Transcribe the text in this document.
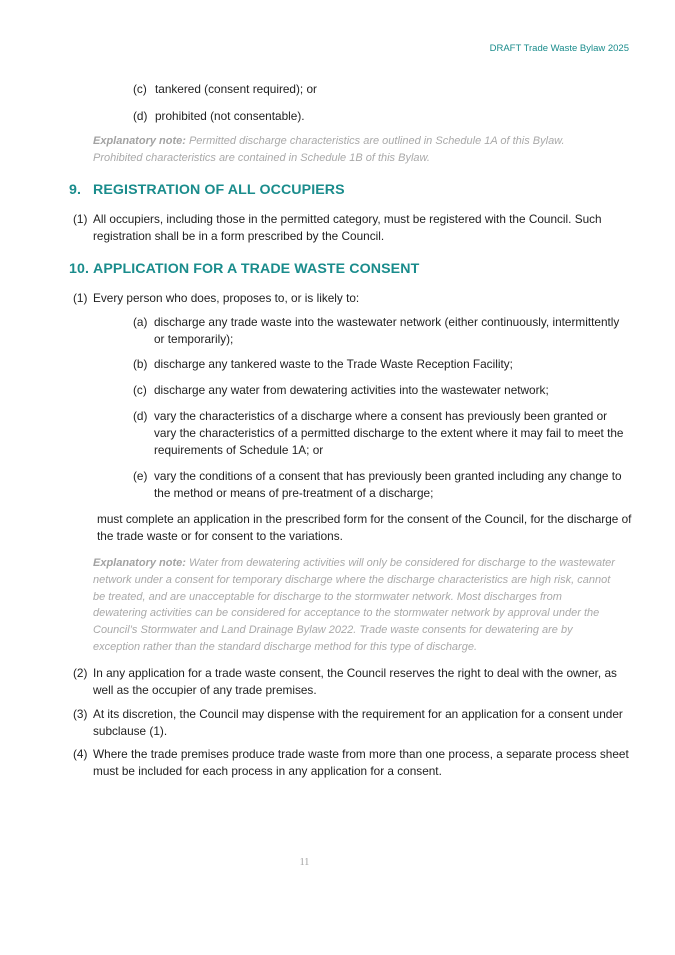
DRAFT Trade Waste Bylaw 2025
(c) tankered (consent required); or
(d) prohibited (not consentable).
Explanatory note: Permitted discharge characteristics are outlined in Schedule 1A of this Bylaw. Prohibited characteristics are contained in Schedule 1B of this Bylaw.
9. REGISTRATION OF ALL OCCUPIERS
(1) All occupiers, including those in the permitted category, must be registered with the Council. Such registration shall be in a form prescribed by the Council.
10. APPLICATION FOR A TRADE WASTE CONSENT
(1) Every person who does, proposes to, or is likely to:
(a) discharge any trade waste into the wastewater network (either continuously, intermittently or temporarily);
(b) discharge any tankered waste to the Trade Waste Reception Facility;
(c) discharge any water from dewatering activities into the wastewater network;
(d) vary the characteristics of a discharge where a consent has previously been granted or vary the characteristics of a permitted discharge to the extent where it may fail to meet the requirements of Schedule 1A; or
(e) vary the conditions of a consent that has previously been granted including any change to the method or means of pre-treatment of a discharge;
must complete an application in the prescribed form for the consent of the Council, for the discharge of the trade waste or for consent to the variations.
Explanatory note: Water from dewatering activities will only be considered for discharge to the wastewater network under a consent for temporary discharge where the discharge characteristics are high risk, cannot be treated, and are unacceptable for discharge to the stormwater network. Most discharges from dewatering activities can be considered for acceptance to the stormwater network by approval under the Council’s Stormwater and Land Drainage Bylaw 2022. Trade waste consents for dewatering are by exception rather than the standard discharge method for this type of discharge.
(2) In any application for a trade waste consent, the Council reserves the right to deal with the owner, as well as the occupier of any trade premises.
(3) At its discretion, the Council may dispense with the requirement for an application for a consent under subclause (1).
(4) Where the trade premises produce trade waste from more than one process, a separate process sheet must be included for each process in any application for a consent.
11
